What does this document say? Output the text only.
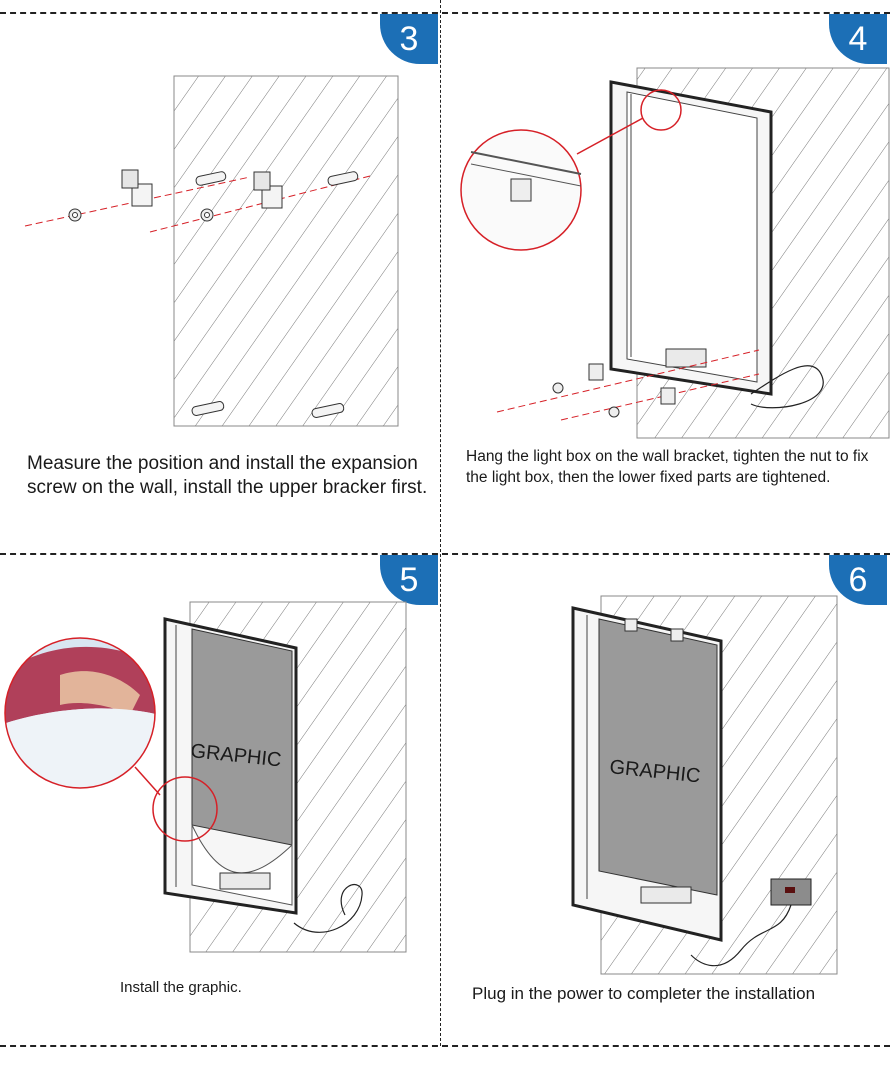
3
Measure the position and install the expansion screw on the wall, install the upper bracker first.
4
Hang the light box on the wall bracket, tighten the nut to fix the light box, then the lower fixed parts are tightened.
5
GRAPHIC
Install the graphic.
6
GRAPHIC
Plug in the power to completer the installation
